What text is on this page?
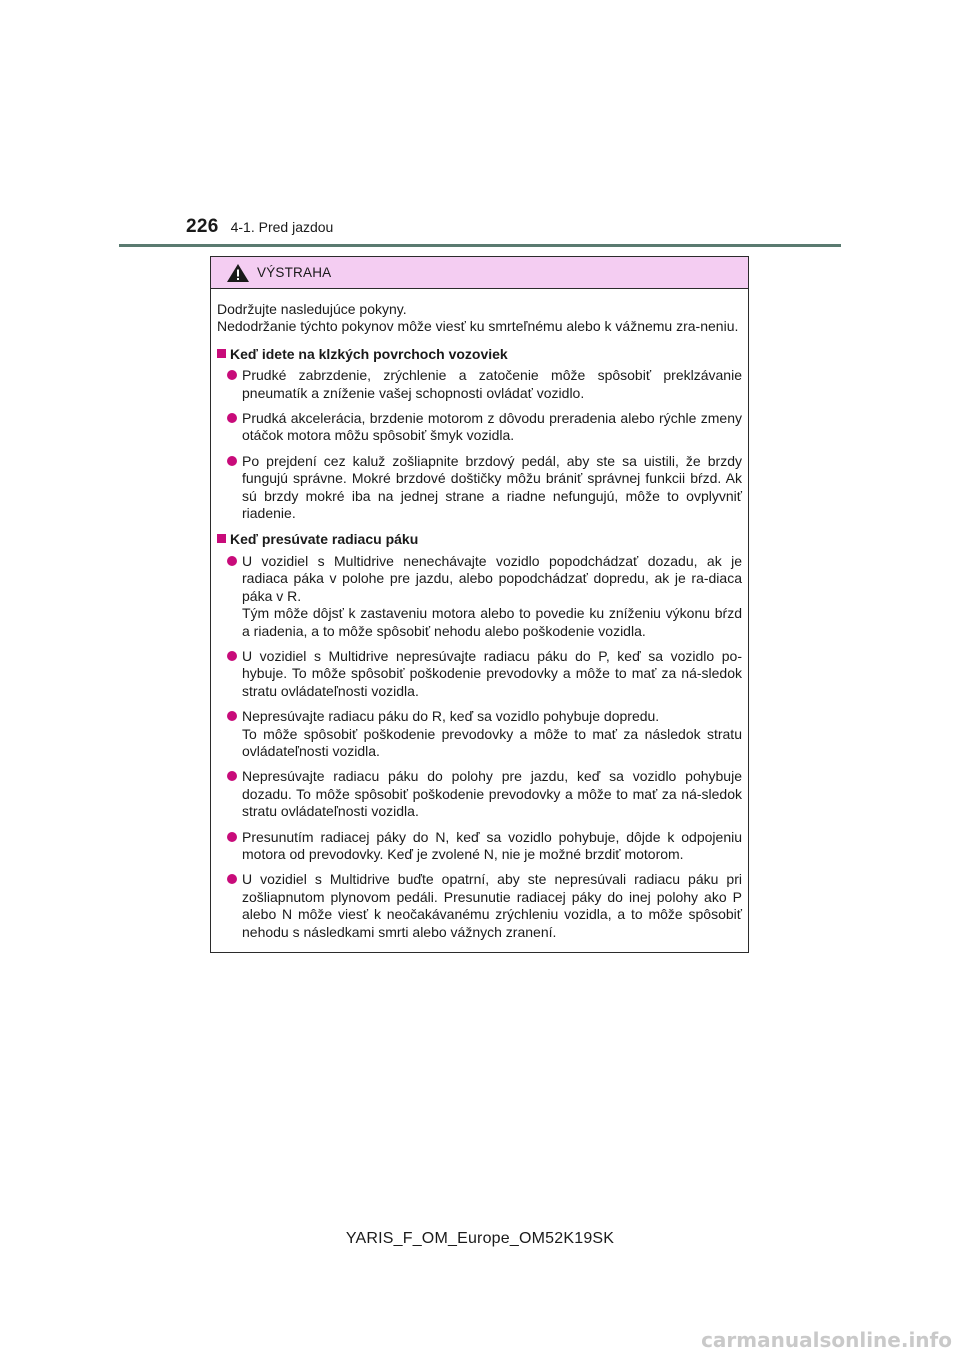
226 4-1. Pred jazdou
VÝSTRAHA

Dodržujte nasledujúce pokyny.

Nedodržanie týchto pokynov môže viesť ku smrteľnému alebo k vážnemu zra-neniu.

Keď idete na klzkých povrchoch vozoviek

Prudké zabrzdenie, zrýchlenie a zatočenie môže spôsobiť preklzávanie pneumatík a zníženie vašej schopnosti ovládať vozidlo.

Prudká akcelerácia, brzdenie motorom z dôvodu preradenia alebo rýchle zmeny otáčok motora môžu spôsobiť šmyk vozidla.

Po prejdení cez kaluž zošliapnite brzdový pedál, aby ste sa uistili, že brzdy fungujú správne. Mokré brzdové doštičky môžu brániť správnej funkcii bŕzd. Ak sú brzdy mokré iba na jednej strane a riadne nefungujú, môže to ovplyvniť riadenie.

Keď presúvate radiacu páku

U vozidiel s Multidrive nenechávajte vozidlo popodchádzať dozadu, ak je radiaca páka v polohe pre jazdu, alebo popodchádzať dopredu, ak je ra-diaca páka v R.

Tým môže dôjsť k zastaveniu motora alebo to povedie ku zníženiu výkonu bŕzd a riadenia, a to môže spôsobiť nehodu alebo poškodenie vozidla.

U vozidiel s Multidrive nepresúvajte radiacu páku do P, keď sa vozidlo po-hybuje. To môže spôsobiť poškodenie prevodovky a môže to mať za ná-sledok stratu ovládateľnosti vozidla.

Nepresúvajte radiacu páku do R, keď sa vozidlo pohybuje dopredu.

To môže spôsobiť poškodenie prevodovky a môže to mať za následok stratu ovládateľnosti vozidla.

Nepresúvajte radiacu páku do polohy pre jazdu, keď sa vozidlo pohybuje dozadu. To môže spôsobiť poškodenie prevodovky a môže to mať za ná-sledok stratu ovládateľnosti vozidla.

Presunutím radiacej páky do N, keď sa vozidlo pohybuje, dôjde k odpojeniu motora od prevodovky. Keď je zvolené N, nie je možné brzdiť motorom.

U vozidiel s Multidrive buďte opatrní, aby ste nepresúvali radiacu páku pri zošliapnutom plynovom pedáli. Presunutie radiacej páky do inej polohy ako P alebo N môže viesť k neočakávanému zrýchleniu vozidla, a to môže spôsobiť nehodu s následkami smrti alebo vážnych zranení.

YARIS_F_OM_Europe_OM52K19SK
carmanualsonline.info
